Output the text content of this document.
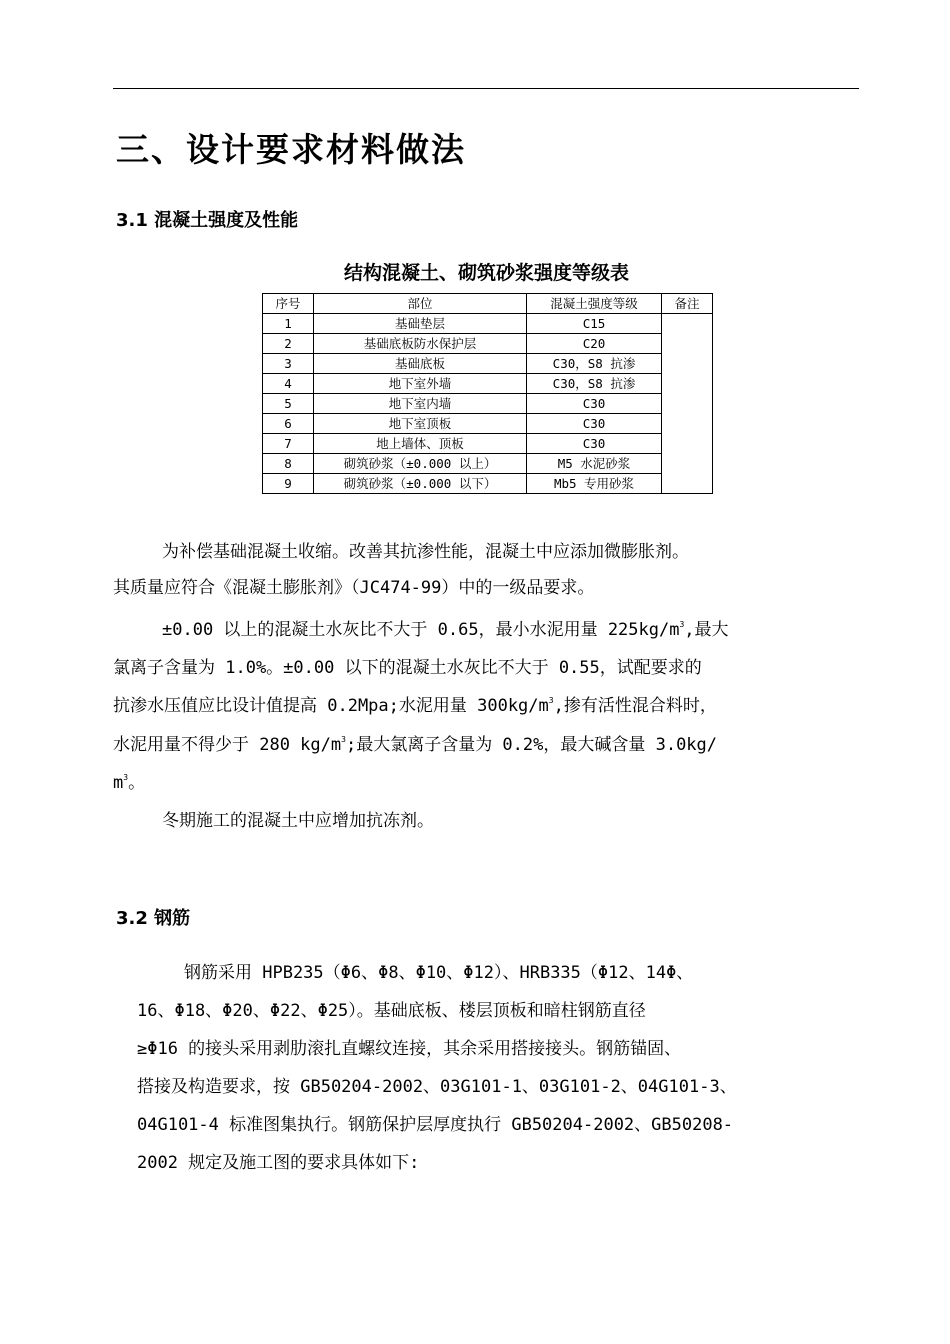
三、设计要求材料做法
3.1 混凝土强度及性能
结构混凝土、砌筑砂浆强度等级表
序号	部位	混凝土强度等级	备注
1	基础垫层	C15	
2	基础底板防水保护层	C20	
3	基础底板	C30，S8 抗渗	
4	地下室外墙	C30，S8 抗渗	
5	地下室内墙	C30	
6	地下室顶板	C30	
7	地上墙体、顶板	C30	
8	砌筑砂浆（±0.000 以上）	M5 水泥砂浆	
9	砌筑砂浆（±0.000 以下）	Mb5 专用砂浆	
为补偿基础混凝土收缩。改善其抗渗性能，混凝土中应添加微膨胀剂。
其质量应符合《混凝土膨胀剂》（JC474-99）中的一级品要求。
±0.00 以上的混凝土水灰比不大于 0.65，最小水泥用量 $225kg/m^3$,最大
氯离子含量为 1.0%。±0.00 以下的混凝土水灰比不大于 0.55，试配要求的
抗渗水压值应比设计值提高 0.2Mpa;水泥用量 $300kg/m^3$,掺有活性混合料时，
水泥用量不得少于 280 $kg/m^3$;最大氯离子含量为 0.2%，最大碱含量 3.0kg/
$m^3$。
冬期施工的混凝土中应增加抗冻剂。
3.2 钢筋
钢筋采用 HPB235（Φ6、Φ8、Φ10、Φ12）、HRB335（Φ12、14Φ、
16、Φ18、Φ20、Φ22、Φ25）。基础底板、楼层顶板和暗柱钢筋直径
≥Φ16 的接头采用剥肋滚扎直螺纹连接，其余采用搭接接头。钢筋锚固、
搭接及构造要求，按 GB50204-2002、03G101-1、03G101-2、04G101-3、
04G101-4 标准图集执行。钢筋保护层厚度执行 GB50204-2002、GB50208-
2002 规定及施工图的要求具体如下:
